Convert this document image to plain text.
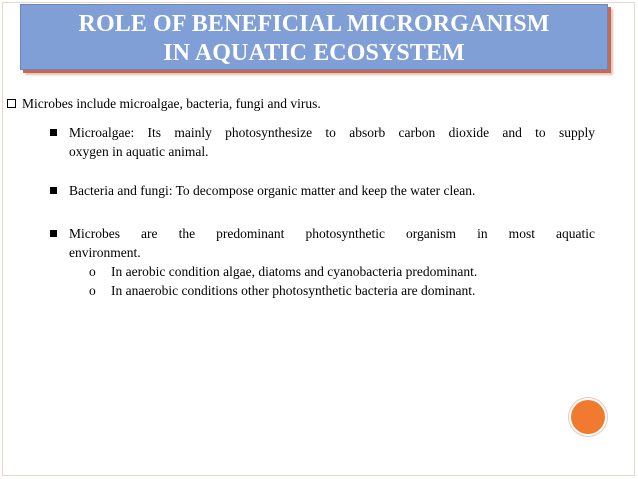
ROLE OF BENEFICIAL MICRORGANISM
IN AQUATIC ECOSYSTEM
Microbes include microalgae, bacteria, fungi and virus.
Microalgae: Its mainly photosynthesize to absorb carbon dioxide and to supply
oxygen in aquatic animal.
Bacteria and fungi: To decompose organic matter and keep the water clean.
Microbes are the predominant photosynthetic organism in most aquatic
environment.
o In aerobic condition algae, diatoms and cyanobacteria predominant.
o In anaerobic conditions other photosynthetic bacteria are dominant.
